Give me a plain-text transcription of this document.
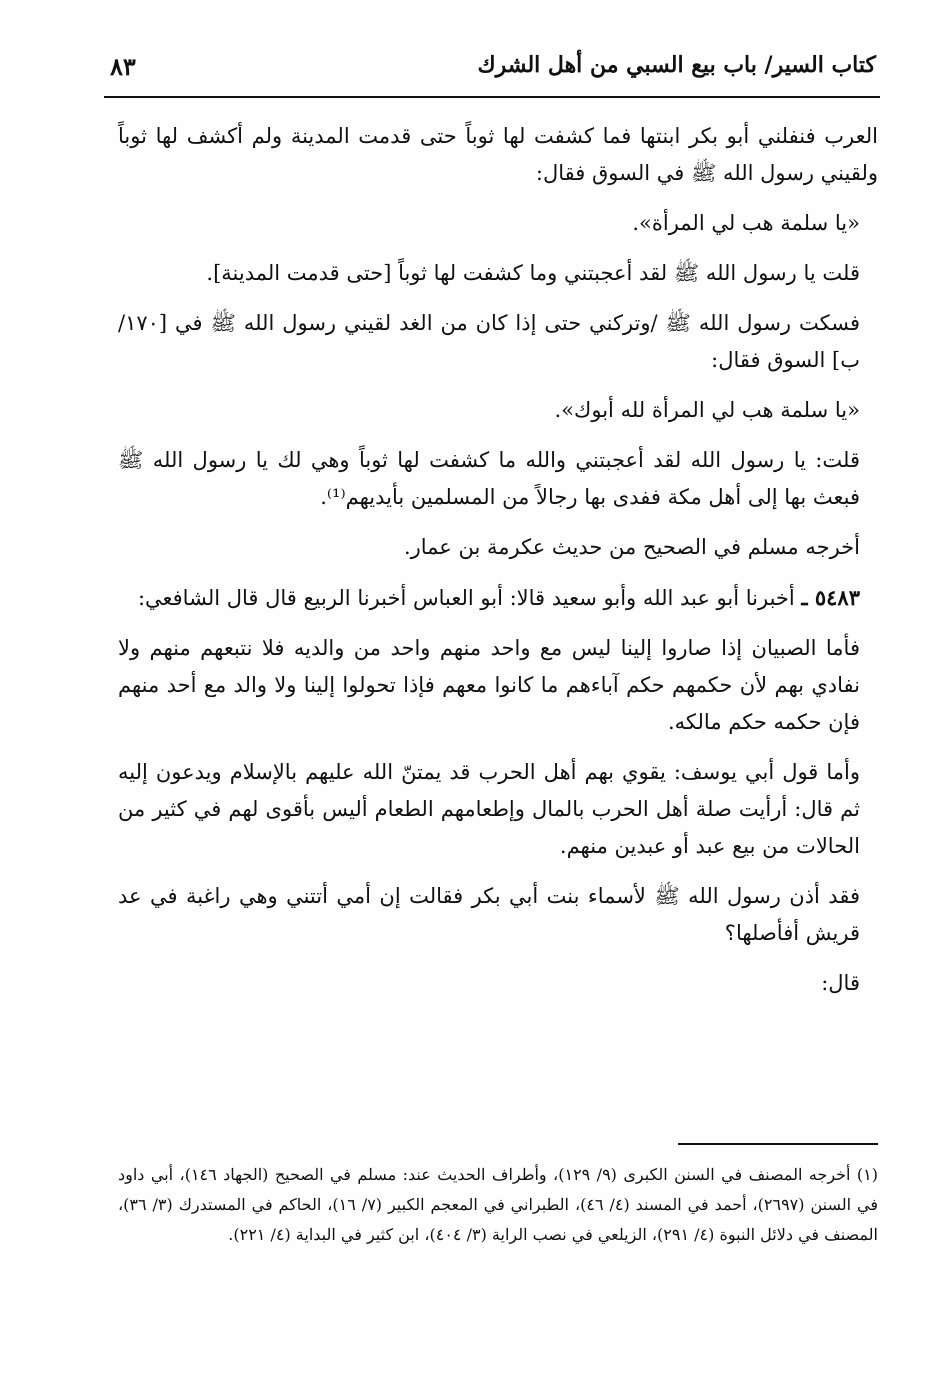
كتاب السير/ باب بيع السبي من أهل الشرك
٨٣

العرب فنفلني أبو بكر ابنتها فما كشفت لها ثوباً حتى قدمت المدينة ولم أكشف لها ثوباً ولقيني رسول الله ﷺ في السوق فقال:

«يا سلمة هب لي المرأة».

قلت يا رسول الله ﷺ لقد أعجبتني وما كشفت لها ثوباً [حتى قدمت المدينة].

فسكت رسول الله ﷺ /وتركني حتى إذا كان من الغد لقيني رسول الله ﷺ في [١٧٠/ ب] السوق فقال:

«يا سلمة هب لي المرأة لله أبوك».

قلت: يا رسول الله لقد أعجبتني والله ما كشفت لها ثوباً وهي لك يا رسول الله ﷺ فبعث بها إلى أهل مكة ففدى بها رجالاً من المسلمين بأيديهم⁽¹⁾.

أخرجه مسلم في الصحيح من حديث عكرمة بن عمار.

٥٤٨٣ ـ أخبرنا أبو عبد الله وأبو سعيد قالا: أبو العباس أخبرنا الربيع قال قال الشافعي:

فأما الصبيان إذا صاروا إلينا ليس مع واحد منهم واحد من والديه فلا نتبعهم منهم ولا نفادي بهم لأن حكمهم حكم آباءهم ما كانوا معهم فإذا تحولوا إلينا ولا والد مع أحد منهم فإن حكمه حكم مالكه.

وأما قول أبي يوسف: يقوي بهم أهل الحرب قد يمتنّ الله عليهم بالإسلام ويدعون إليه ثم قال: أرأيت صلة أهل الحرب بالمال وإطعامهم الطعام أليس بأقوى لهم في كثير من الحالات من بيع عبد أو عبدين منهم.

فقد أذن رسول الله ﷺ لأسماء بنت أبي بكر فقالت إن أمي أتتني وهي راغبة في عد قريش أفأصلها؟

قال:

(١) أخرجه المصنف في السنن الكبرى (٩/ ١٢٩)، وأطراف الحديث عند: مسلم في الصحيح (الجهاد ١٤٦)، أبي داود في السنن (٢٦٩٧)، أحمد في المسند (٤/ ٤٦)، الطبراني في المعجم الكبير (٧/ ١٦)، الحاكم في المستدرك (٣/ ٣٦)، المصنف في دلائل النبوة (٤/ ٢٩١)، الزيلعي في نصب الراية (٣/ ٤٠٤)، ابن كثير في البداية (٤/ ٢٢١).
